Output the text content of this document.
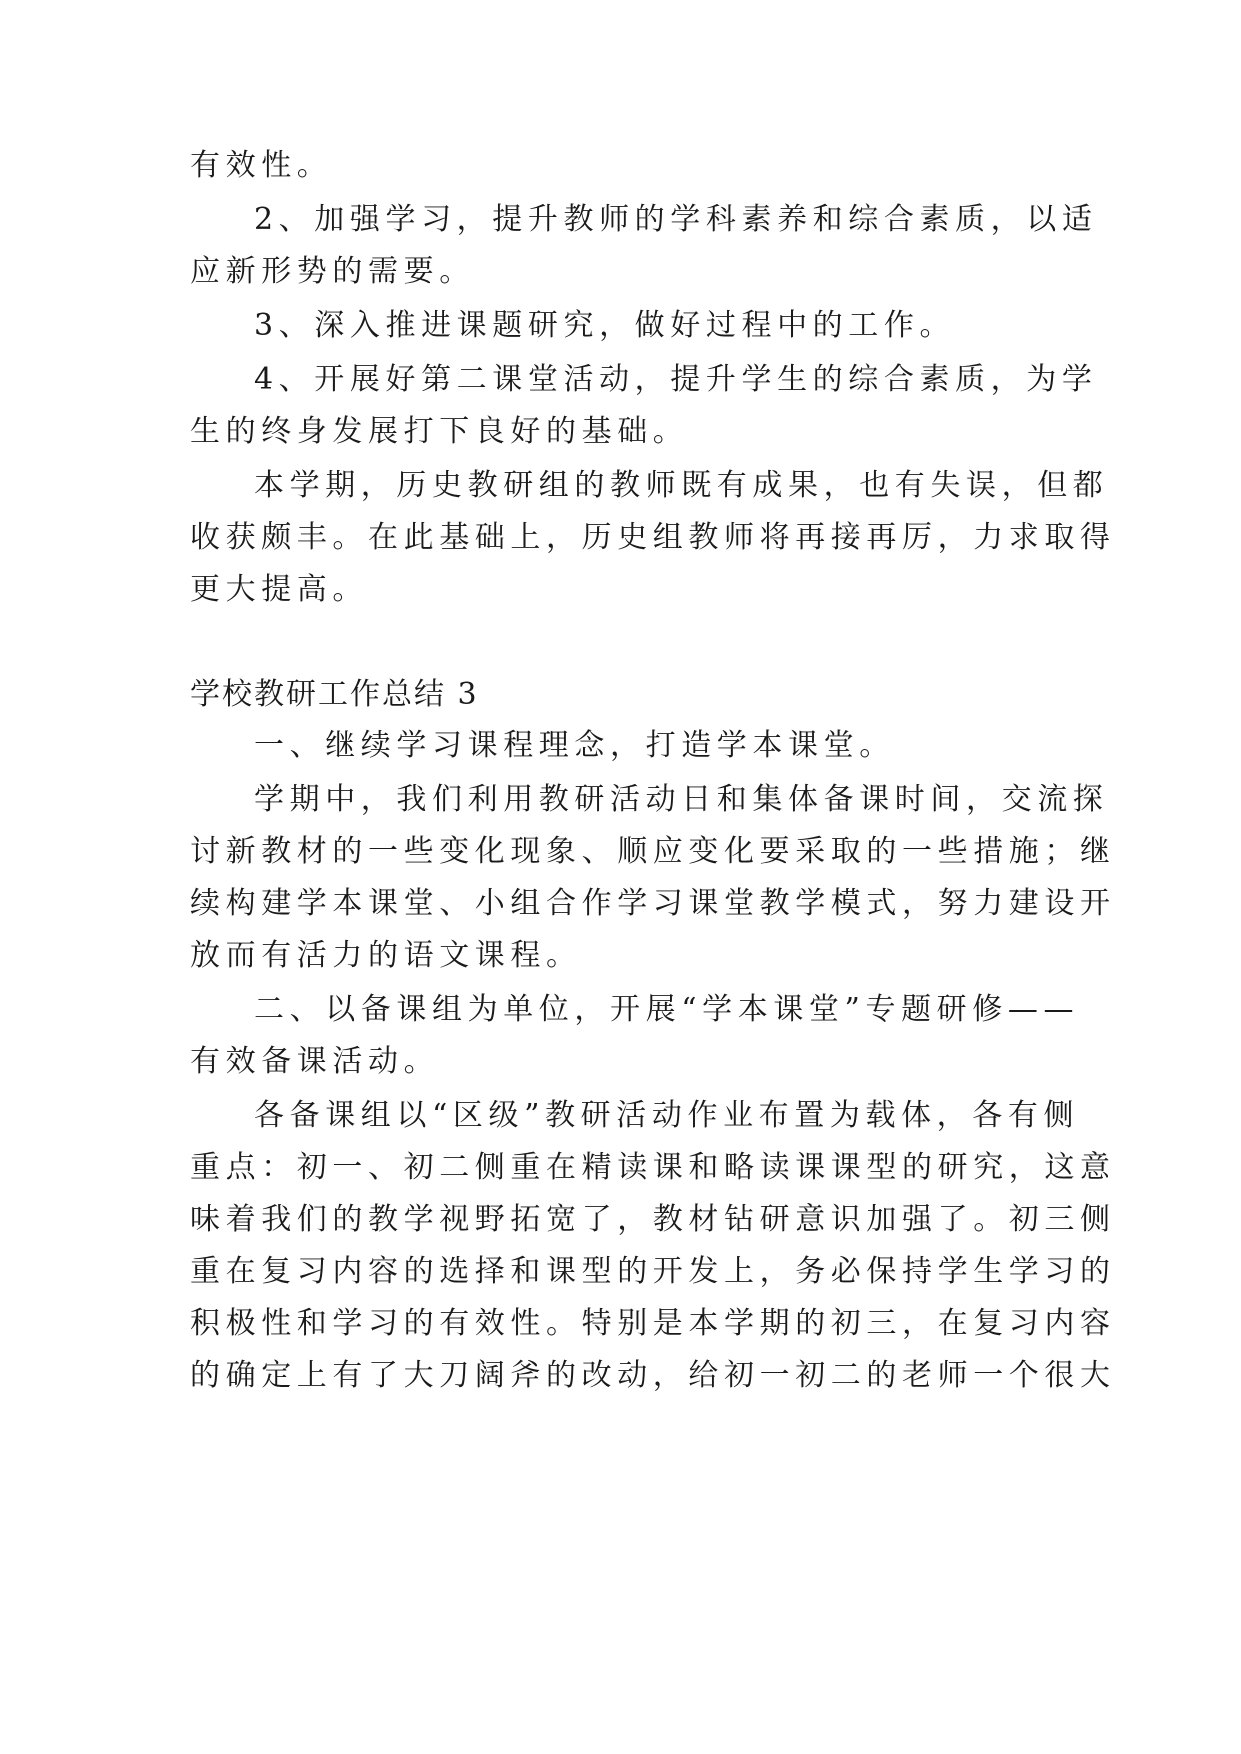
有效性。
2、加强学习，提升教师的学科素养和综合素质，以适
应新形势的需要。
3、深入推进课题研究，做好过程中的工作。
4、开展好第二课堂活动，提升学生的综合素质，为学
生的终身发展打下良好的基础。
本学期，历史教研组的教师既有成果，也有失误，但都
收获颇丰。在此基础上，历史组教师将再接再厉，力求取得
更大提高。
学校教研工作总结 3
一、继续学习课程理念，打造学本课堂。
学期中，我们利用教研活动日和集体备课时间，交流探
讨新教材的一些变化现象、顺应变化要采取的一些措施；继
续构建学本课堂、小组合作学习课堂教学模式，努力建设开
放而有活力的语文课程。
二、以备课组为单位，开展“学本课堂”专题研修——
有效备课活动。
各备课组以“区级”教研活动作业布置为载体，各有侧
重点：初一、初二侧重在精读课和略读课课型的研究，这意
味着我们的教学视野拓宽了，教材钻研意识加强了。初三侧
重在复习内容的选择和课型的开发上，务必保持学生学习的
积极性和学习的有效性。特别是本学期的初三，在复习内容
的确定上有了大刀阔斧的改动，给初一初二的老师一个很大
